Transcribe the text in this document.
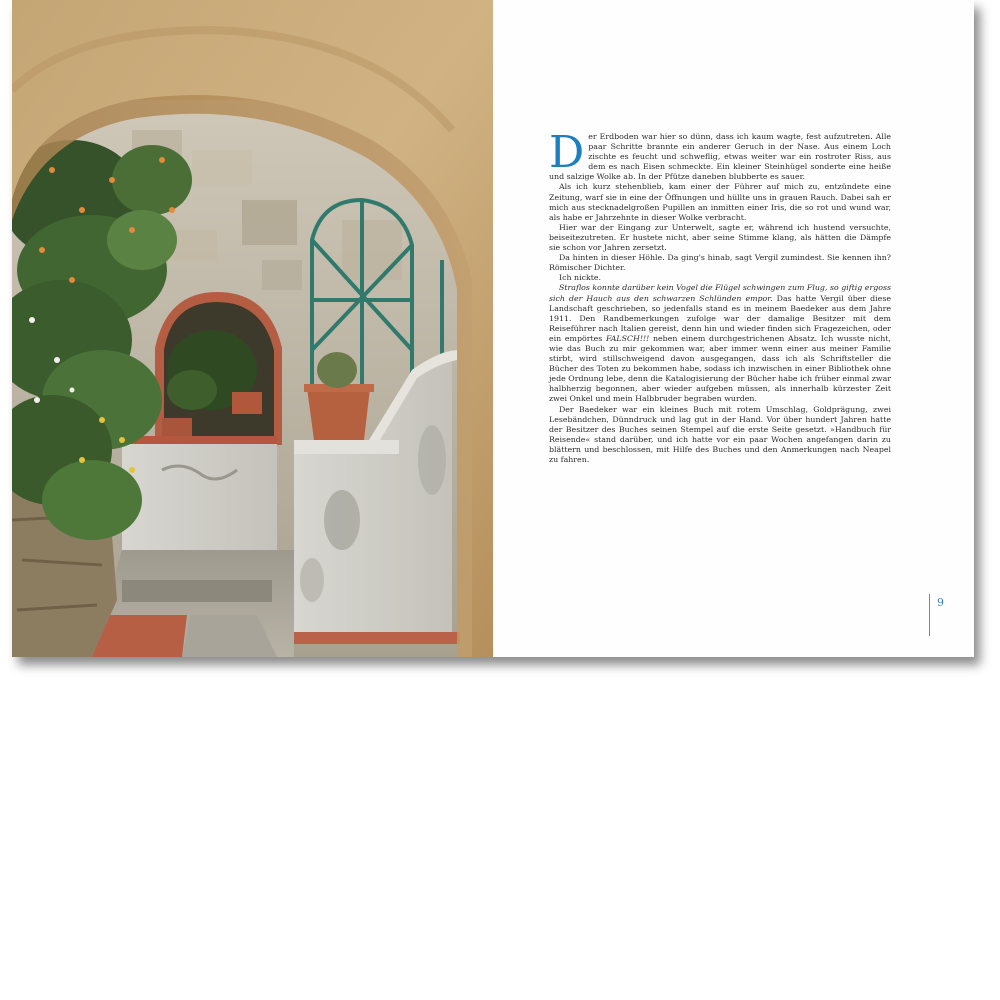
Der Erdboden war hier so dünn, dass ich kaum wagte, fest aufzutreten. Alle paar Schritte brannte ein anderer Geruch in der Nase. Aus einem Loch zischte es feucht und schweflig, etwas weiter war ein rostroter Riss, aus dem es nach Eisen schmeckte. Ein kleiner Steinhügel sonderte eine heiße und salzige Wolke ab. In der Pfütze daneben blubberte es sauer.

Als ich kurz stehenblieb, kam einer der Führer auf mich zu, entzündete eine Zeitung, warf sie in eine der Öffnungen und hüllte uns in grauen Rauch. Dabei sah er mich aus stecknadelgroßen Pupillen an inmitten einer Iris, die so rot und wund war, als habe er Jahrzehnte in dieser Wolke verbracht.

Hier war der Eingang zur Unterwelt, sagte er, während ich hustend versuchte, beiseitezutreten. Er hustete nicht, aber seine Stimme klang, als hätten die Dämpfe sie schon vor Jahren zersetzt.

Da hinten in dieser Höhle. Da ging's hinab, sagt Vergil zumindest. Sie kennen ihn? Römischer Dichter.

Ich nickte.

Straflos konnte darüber kein Vogel die Flügel schwingen zum Flug, so giftig ergoss sich der Hauch aus den schwarzen Schlünden empor. Das hatte Vergil über diese Landschaft geschrieben, so jedenfalls stand es in meinem Baedeker aus dem Jahre 1911. Den Randbemerkungen zufolge war der damalige Besitzer mit dem Reiseführer nach Italien gereist, denn hin und wieder finden sich Fragezeichen, oder ein empörtes FALSCH!!! neben einem durchgestrichenen Absatz. Ich wusste nicht, wie das Buch zu mir gekommen war, aber immer wenn einer aus meiner Familie stirbt, wird stillschweigend davon ausgegangen, dass ich als Schriftsteller die Bücher des Toten zu bekommen habe, sodass ich inzwischen in einer Bibliothek ohne jede Ordnung lebe, denn die Katalogisierung der Bücher habe ich früher einmal zwar halbherzig begonnen, aber wieder aufgeben müssen, als innerhalb kürzester Zeit zwei Onkel und mein Halbbruder begraben wurden.

Der Baedeker war ein kleines Buch mit rotem Umschlag, Goldprägung, zwei Lesebändchen, Dünndruck und lag gut in der Hand. Vor über hundert Jahren hatte der Besitzer des Buches seinen Stempel auf die erste Seite gesetzt. »Handbuch für Reisende« stand darüber, und ich hatte vor ein paar Wochen angefangen darin zu blättern und beschlossen, mit Hilfe des Buches und den Anmerkungen nach Neapel zu fahren.

9
